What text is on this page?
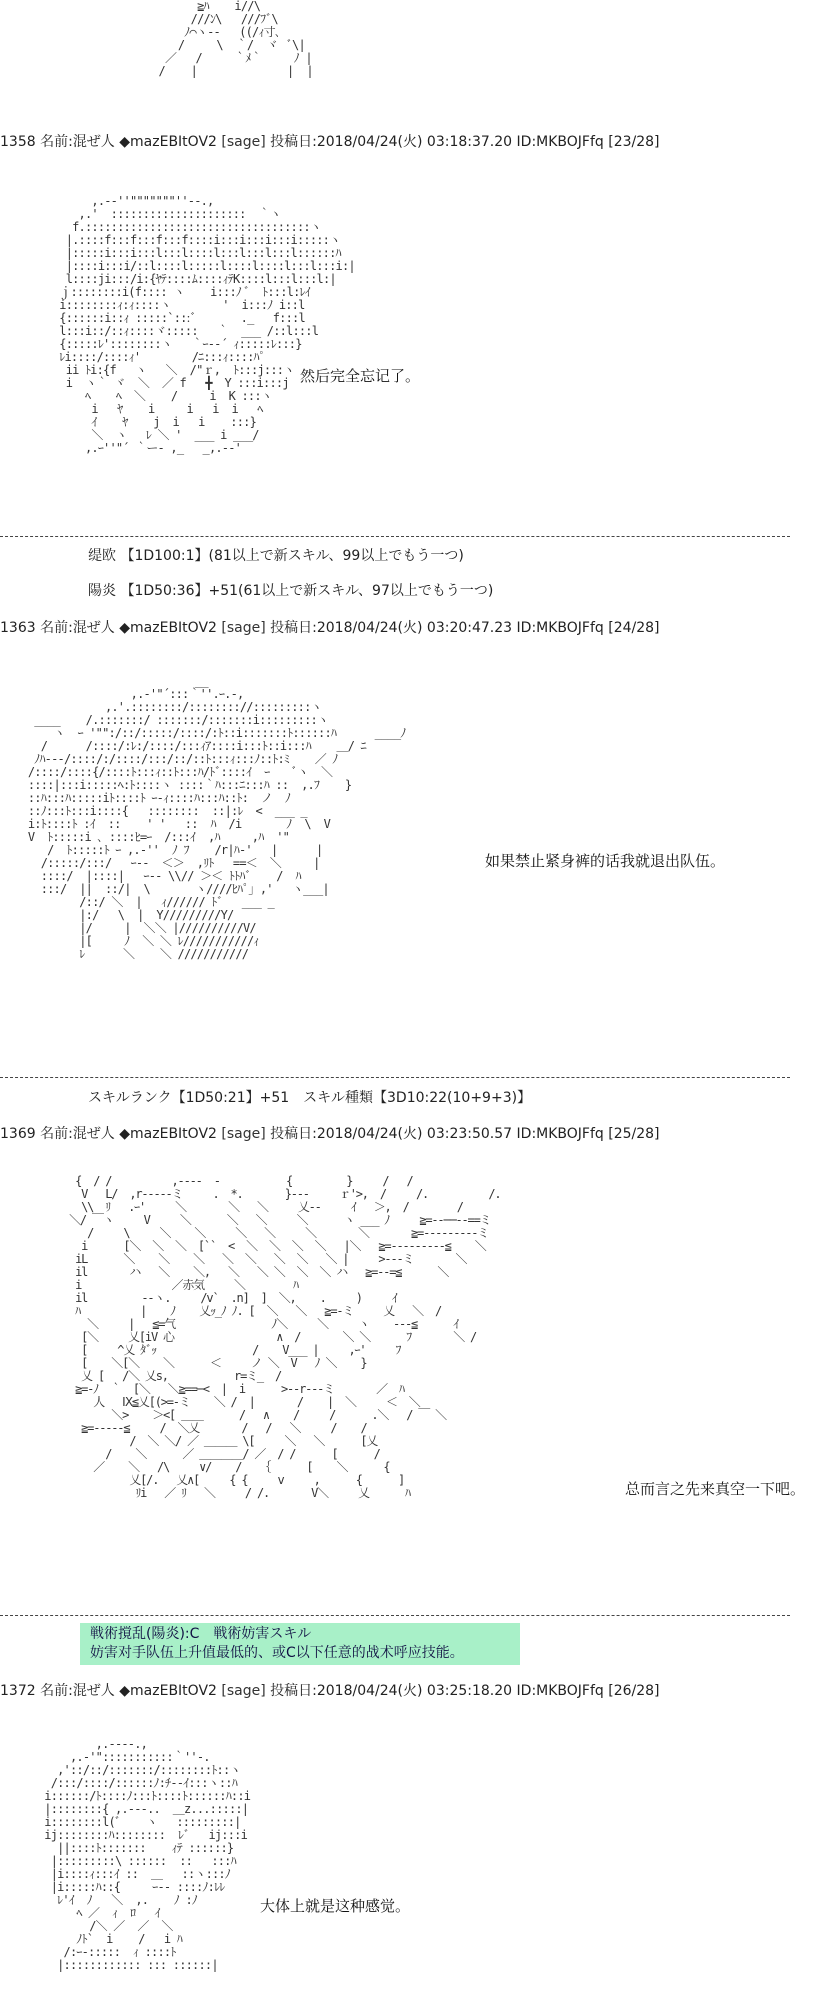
≧ﾊ    i//\
///ﾝ\   ///ﾌﾞ\
ﾉ⌒ヽ--   ((/ｨ寸､
/     \  ｀/  ヾ  ﾞ\|
／   /     ｀ﾒ｀     ﾉ |
/    |              |  |
1358 名前:混ぜ人 ◆mazEBItOV2 [sage] 投稿日:2018/04/24(火) 03:18:37.20 ID:MKBOJFfq [23/28]
,.-‐''"""""""''‐-.,
,.'  :::::::::::::::::::::  ｀ヽ
f.:::::::::::::::::::::::::::::::::::ヽ
|.::::f:::f:::f:::f::::i:::i:::i:::i:::::ヽ
|:::::i:::i:::l:::l::::l:::l:::l:::l::::::ﾊ
|::::i:::i/::l::::l:::::l::::l::::l:::l:::i:|
l::::ji:::/i:{ﾔﾃ::::ﾑ::::ｨﾃK::::l:::l:::l:|
ｊ::::::::i(f:::: ヽ    i:::ﾉ ﾞ  ﾄ:::l:ﾚｲ
i::::::::ｨ:ｨ::::ヽ        '  i:::ﾉ i::l
{::::::i::ｨ :::::`:::ﾞ       ._   f:::l
l:::i::/::ｨ::::ヾ:::::   ｀  ___ /::l:::l
{:::::ﾚ'::::::::ヽ   ｀ｰ-‐´ ｨ:::::ﾚ:::}
ﾚi::::/::::ｨ'        /ﾆ:::ｨ::::ﾊﾟ
ii ﾄi:{f   ヽ   ＼  /"ｒ,  ﾄ:::j:::ヽ
i  ヽ｀ ヾ  ＼  ／ f   ╋  Y :::i:::j
ﾍ    ﾍ  ＼    /     i  K :::ヽ
i   ﾔ    i     i   i  i   ﾍ
ｲ    ﾔ    j  i   i    :::}
＼  ヽ   ﾚ ＼ '  ___ i ___/
,.ｰ''"´ ｀ー- ,_   _,.-‐'
然后完全忘记了。
缇欧 【1D100:1】(81以上で新スキル、99以上でもう一つ)
陽炎 【1D50:36】+51(61以上で新スキル、97以上でもう一つ)
1363 名前:混ぜ人 ◆mazEBItOV2 [sage] 投稿日:2018/04/24(火) 03:20:47.23 ID:MKBOJFfq [24/28]
__
,.-'"´:::｀''.ｰ.-,
,.'.::::::::/:::::::://:::::::::ヽ
____    /.:::::::/ :::::::/:::::::i:::::::::ヽ
ヽ  ｰ '"":/::/:::::/::::/:ﾄ::i:::::::ﾄ::::::ﾊ      ____ﾉ
/      /::::/:ﾚ:/::::/:::ｨｱ::::i:::ﾄ::i:::ﾊ    ＿/ ﾆ
ﾉﾊ--‐/::::/:/::::/:::/::/::ﾄ:::ｨ:::ﾉ::ﾄ:ﾐ    ／ ﾉ
/::::/::::{/::::ﾄ:::ｨ::ﾄ:::ﾊ/ﾄﾞ::::ｲ  ｰ    ﾞヽ  ＼
::::|:::i:::::ﾍ:ﾄ::::ヽ ::::｀ﾊ:::ﾆ:::ﾊ ::  ,.ﾌ    }
::ﾊ:::ﾊ:::::iﾄ::::ﾄ ｰ-ｨ::::ﾊ:::ﾊ::ﾄ:  ノ  ﾉ
::ﾉ:::ﾄ:::i::::{   ::::::::  ::|:ﾚ  <  ___ _
i:ﾄ::::ﾄ :ｲ  ::    ' '   ::  ﾊ  /i       ﾉ  \  V
V  ﾄ:::::i ､ ::::ﾋ=ｰ  /:::ｲ  ,ﾊ     ,ﾊ  '"
/  ﾄ:::::ﾄ ｰ ,.-''  ﾉ ﾌ    /r|ﾊ-'   |      |
/:::::/:::/   ｰ-‐  ＜＞  ,ﾘﾄ   ==＜  ＼     |
::::/  |::::|   ｰ-‐ \\// ＞＜ ﾄﾄﾊﾞ    /  ﾊ
:::/  ||  ::/|  \       ヽ////ﾋﾊﾟ｣ ,'   ヽ___|
/::/ ＼  |   ｨ////// ﾄﾞ   ___ _
|:/   \  |  Y/////////Y/
|/     |  ＼＼ |//////////V/
|[     ﾉ  ＼ ＼ ﾚ///////////ｨ
ﾚ      ＼    ＼ ///////////
如果禁止紧身裤的话我就退出队伍。
スキルランク【1D50:21】+51　スキル種類【3D10:22(10+9+3)】
1369 名前:混ぜ人 ◆mazEBItOV2 [sage] 投稿日:2018/04/24(火) 03:23:50.57 ID:MKBOJFfq [25/28]
{  / /          ,----  -           {         }     /   /
V   L/  ,r-----ミ     .  *.       }---     ｒ'>,  /     /.          /.
\\  ﾘ   .ｰ'     ＼       ＼   ＼     乂--     ｲ   ＞,  /        /
＼/ ￣ヽ     V     ＼      ＼   ＼     ＼      ヽ ___ ﾉ     ≧=--──--==ミ
/     \     ＼    ＼     ＼   ＼     ＼       ＼       ≧=---------ミ
i      [＼  ＼  ＼  [``  <  ＼  ＼  ＼  ＼   |＼   ≧=---------≦    ＼
iL      ＼    ＼    ＼   ＼  ＼   ＼  ＼   ＼ |     >---ミ       ＼
il       ハ   ＼    ＼,   ＼   ＼ ＼  ＼  ＼ ハ   ≧=--=≦      ＼
i               ／赤気     ＼        ﾊ
il         --ヽ.     /v`  .n]  ]  ＼,    .     )     ｲ
ﾊ          |    ﾉ    乂ｯ_ﾉ ﾉ. [  ＼   ＼   ≧=-ミ     乂   ＼  /
＼     |   ≦=气                ﾉ＼     ＼     ヽ    ---≦      ｲ
[＼     乂[iV 心                 ∧  /       ＼ ＼      ﾌ       ＼ /
[     ^乂 ﾀﾞｯ                /    V___ |     ,ｰ'     ﾌ
[    ＼[＼    ＼      ＜     ノ ＼  V   ﾉ ＼    }
乂 [   /＼ 乂s,           r=ミ_  /
≧=-ﾉ  ｀  [＼   ＼≧==─<  |  i      >--r---ミ       ／  ﾊ
人   Ⅸ≦乂[(>=-ミ    ＼ /  |       /    |  ＼     ＜  ＼
＼>    ＞<[ ＿＿      /   ∧    /     /      .＼   / ￣ ＼
≧=-----≦     /  ＼乂       /   /   ＼     /    /
/  ＼ ＼/ ／ ＿＿＿ \[     ＼   ＼      [乂
/    ＼      ／ ＿＿＿＿/ ／  / /      [      /
／    ＼   /\     ∨/    /   ｛      [    ＼      {
乂[/.   乂∧[     { {     v     ,      {      ]
ﾘi   ／ ﾘ   ＼     / /.       V＼     乂      ﾊ	总而言之先来真空一下吧。
戦術撹乱(陽炎):C　戦術妨害スキル
妨害对手队伍上升值最低的、或C以下任意的战术呼应技能。
1372 名前:混ぜ人 ◆mazEBItOV2 [sage] 投稿日:2018/04/24(火) 03:25:18.20 ID:MKBOJFfq [26/28]
,.-‐‐‐.,
,.-'":::::::::::｀''‐.
,'::/::/:::::::/::::::::ﾄ::ヽ
/:::/::::/::::::ﾉ:ﾁ-‐ｲ:::ヽ::ﾊ
i::::::/ﾄ::::ﾉ:::ﾄ::::ﾄ::::::ﾊ::i
|::::::::{ ,.-‐-..  ＿z...:::::|
i::::::::l(ﾞ    ヽ   :::::::::|
ij::::::::ﾊ::::::::  ﾚﾞ   ij:::i
||::::ﾄ:::::::    ｨﾃ ::::::}
|:::::::::\ ::::::  ::   :::ﾊ
|i::::ｨ:::ｲ ::  ＿   ::ヽ:::ﾉ
|i:::::ﾊ::{     ｰ-‐ ::::ﾉ:ﾚﾚ
ﾚ'ｲ  ﾉ   ＼  ,.    ﾉ :ﾉ
ﾍ ／  ｨ  ﾛ   ｲ
/＼ ／  ／  ＼
ﾉﾄ`  i    /   i ﾊ
/:ｰ-:::::  ｨ ::::ﾄ
|:::::::::::: ::: ::::::|
大体上就是这种感觉。
